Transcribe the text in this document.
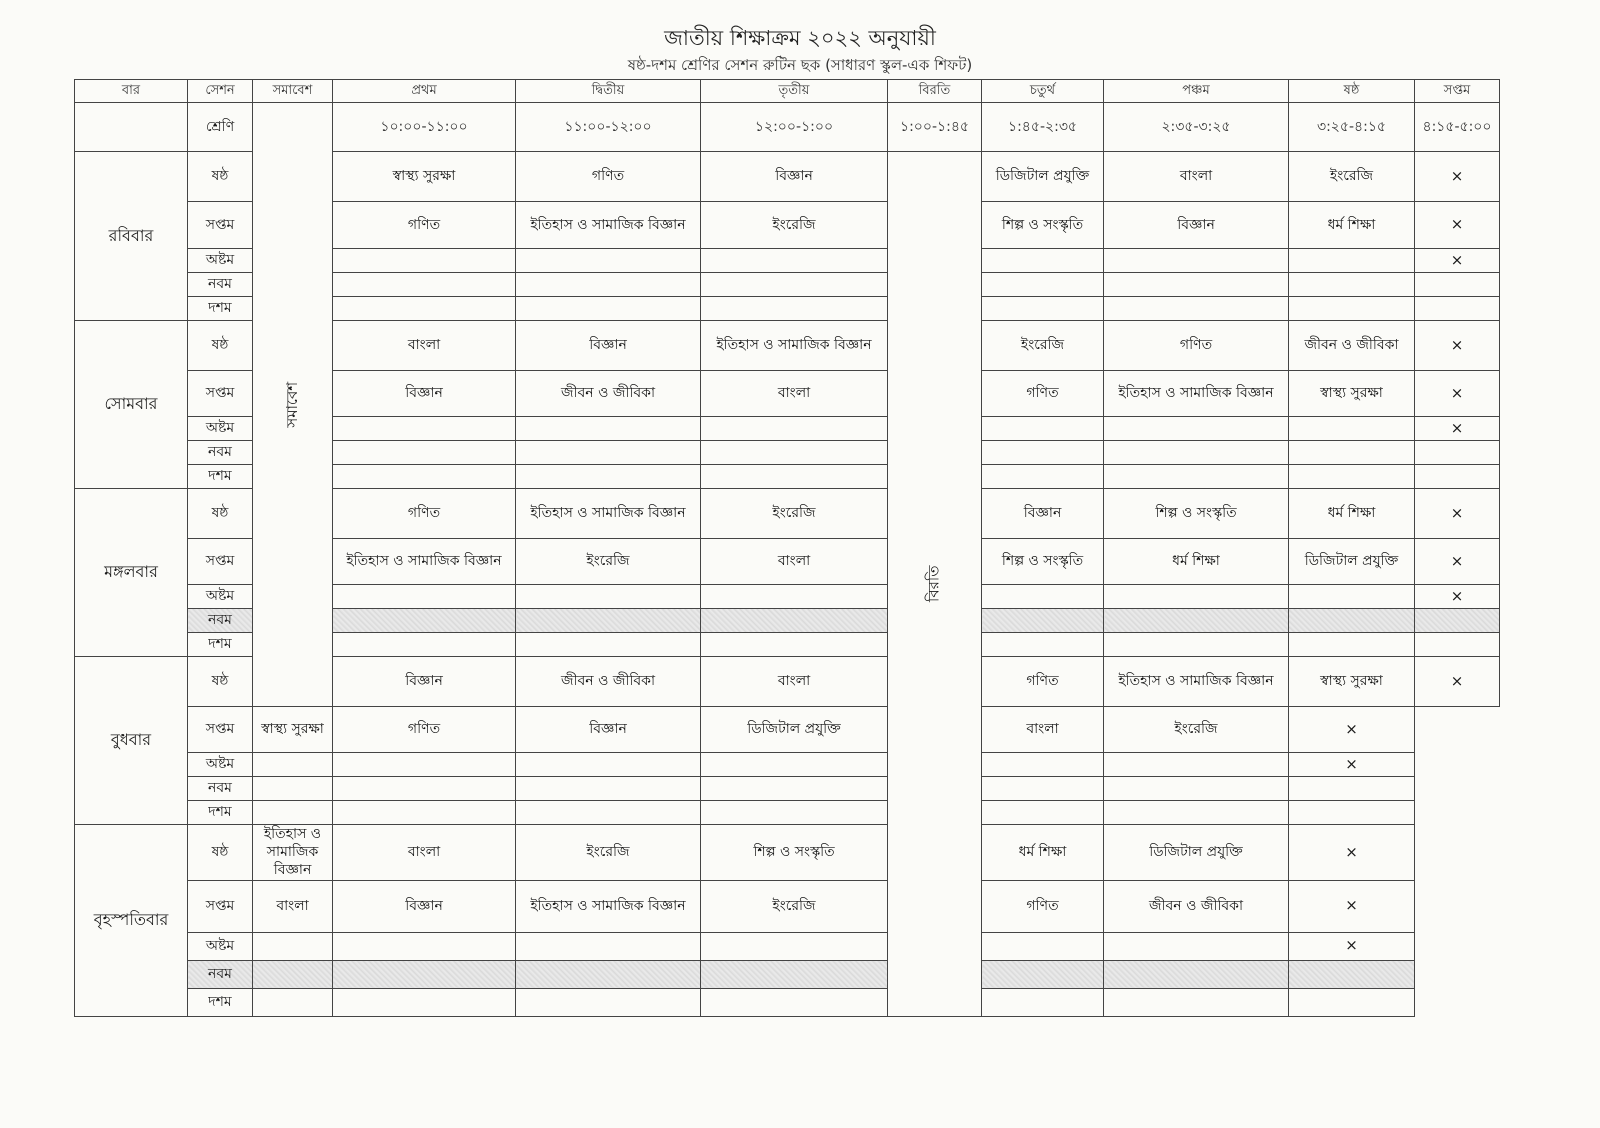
জাতীয় শিক্ষাক্রম ২০২২ অনুযায়ী
ষষ্ঠ-দশম শ্রেণির সেশন রুটিন ছক (সাধারণ স্কুল-এক শিফট)
বার	সেশন	সমাবেশ	প্রথম	দ্বিতীয়	তৃতীয়	বিরতি	চতুর্থ	পঞ্চম	ষষ্ঠ	সপ্তম
	শ্রেণি	সমাবেশ	১০:০০-১১:০০	১১:০০-১২:০০	১২:০০-১:০০	১:০০-১:৪৫	১:৪৫-২:৩৫	২:৩৫-৩:২৫	৩:২৫-৪:১৫	৪:১৫-৫:০০
রবিবার	ষষ্ঠ		স্বাস্থ্য সুরক্ষা	গণিত	বিজ্ঞান	বিরতি	ডিজিটাল প্রযুক্তি	বাংলা	ইংরেজি	×
	সপ্তম		গণিত	ইতিহাস ও সামাজিক বিজ্ঞান	ইংরেজি		শিল্প ও সংস্কৃতি	বিজ্ঞান	ধর্ম শিক্ষা	×
	অষ্টম									×
	নবম									
	দশম									
সোমবার	ষষ্ঠ		বাংলা	বিজ্ঞান	ইতিহাস ও সামাজিক বিজ্ঞান		ইংরেজি	গণিত	জীবন ও জীবিকা	×
	সপ্তম		বিজ্ঞান	জীবন ও জীবিকা	বাংলা		গণিত	ইতিহাস ও সামাজিক বিজ্ঞান	স্বাস্থ্য সুরক্ষা	×
	অষ্টম									×
	নবম									
	দশম									
মঙ্গলবার	ষষ্ঠ		গণিত	ইতিহাস ও সামাজিক বিজ্ঞান	ইংরেজি		বিজ্ঞান	শিল্প ও সংস্কৃতি	ধর্ম শিক্ষা	×
	সপ্তম		ইতিহাস ও সামাজিক বিজ্ঞান	ইংরেজি	বাংলা		শিল্প ও সংস্কৃতি	ধর্ম শিক্ষা	ডিজিটাল প্রযুক্তি	×
	অষ্টম									×
	নবম									
	দশম									
বুধবার	ষষ্ঠ		বিজ্ঞান	জীবন ও জীবিকা	বাংলা		গণিত	ইতিহাস ও সামাজিক বিজ্ঞান	স্বাস্থ্য সুরক্ষা	×
	সপ্তম	স্বাস্থ্য সুরক্ষা	গণিত	বিজ্ঞান	ডিজিটাল প্রযুক্তি		বাংলা	ইংরেজি	×	
	অষ্টম								×	
	নবম									
	দশম									
বৃহস্পতিবার	ষষ্ঠ	ইতিহাস ও সামাজিক বিজ্ঞান	বাংলা	ইংরেজি	শিল্প ও সংস্কৃতি		ধর্ম শিক্ষা	ডিজিটাল প্রযুক্তি	×	
	সপ্তম	বাংলা	বিজ্ঞান	ইতিহাস ও সামাজিক বিজ্ঞান	ইংরেজি		গণিত	জীবন ও জীবিকা	×	
	অষ্টম								×	
	নবম									
	দশম									
